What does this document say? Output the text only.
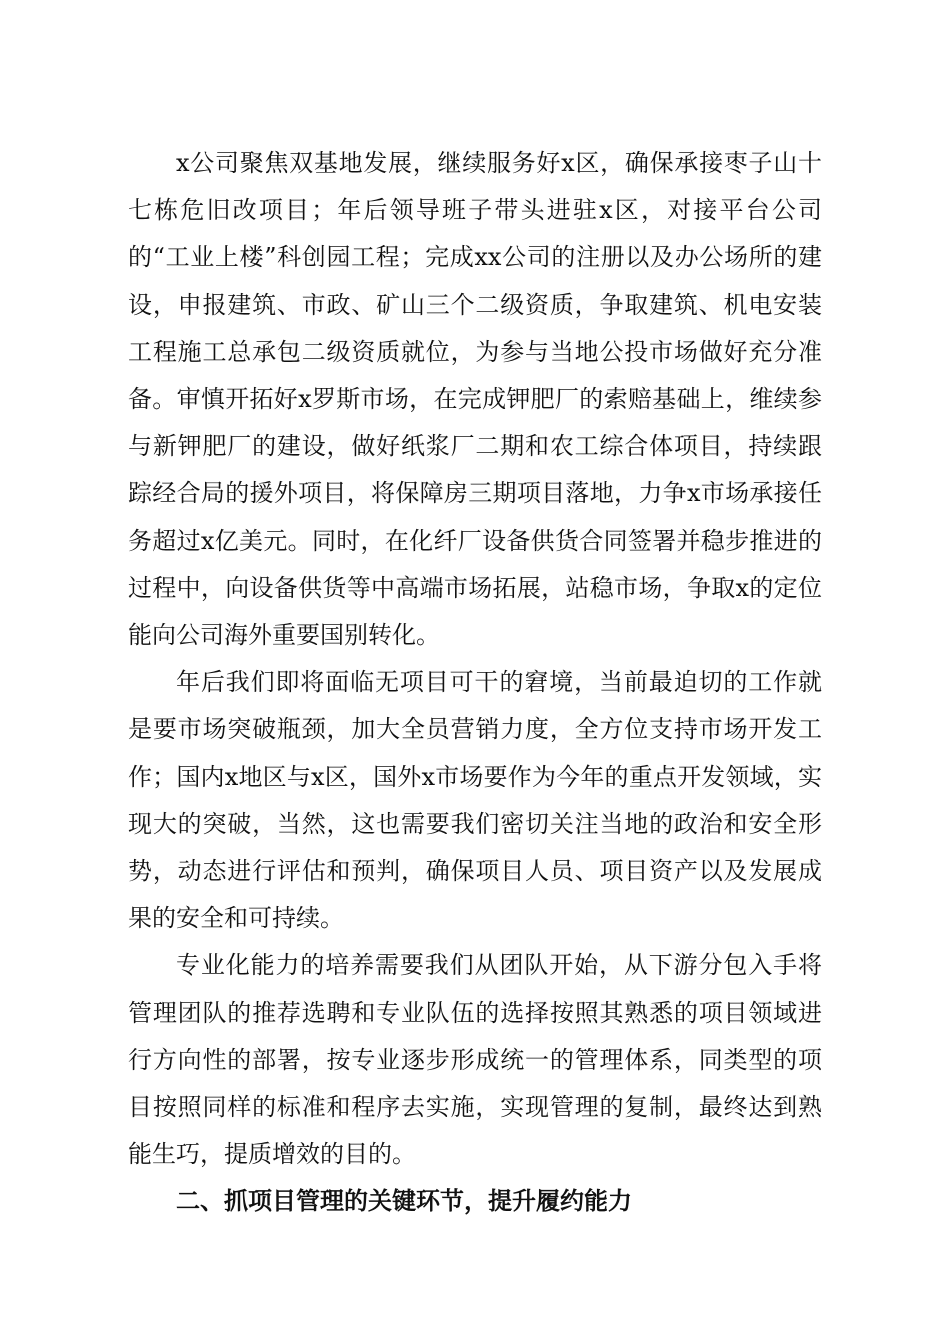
x公司聚焦双基地发展，继续服务好x区，确保承接枣子山十七栋危旧改项目；年后领导班子带头进驻x区，对接平台公司的“工业上楼”科创园工程；完成xx公司的注册以及办公场所的建设，申报建筑、市政、矿山三个二级资质，争取建筑、机电安装工程施工总承包二级资质就位，为参与当地公投市场做好充分准备。审慎开拓好x罗斯市场，在完成钾肥厂的索赔基础上，维续参与新钾肥厂的建设，做好纸浆厂二期和农工综合体项目，持续跟踪经合局的援外项目，将保障房三期项目落地，力争x市场承接任务超过x亿美元。同时，在化纤厂设备供货合同签署并稳步推进的过程中，向设备供货等中高端市场拓展，站稳市场，争取x的定位能向公司海外重要国别转化。

年后我们即将面临无项目可干的窘境，当前最迫切的工作就是要市场突破瓶颈，加大全员营销力度，全方位支持市场开发工作；国内x地区与x区，国外x市场要作为今年的重点开发领域，实现大的突破，当然，这也需要我们密切关注当地的政治和安全形势，动态进行评估和预判，确保项目人员、项目资产以及发展成果的安全和可持续。

专业化能力的培养需要我们从团队开始，从下游分包入手将管理团队的推荐选聘和专业队伍的选择按照其熟悉的项目领域进行方向性的部署，按专业逐步形成统一的管理体系，同类型的项目按照同样的标准和程序去实施，实现管理的复制，最终达到熟能生巧，提质增效的目的。

二、抓项目管理的关键环节，提升履约能力
